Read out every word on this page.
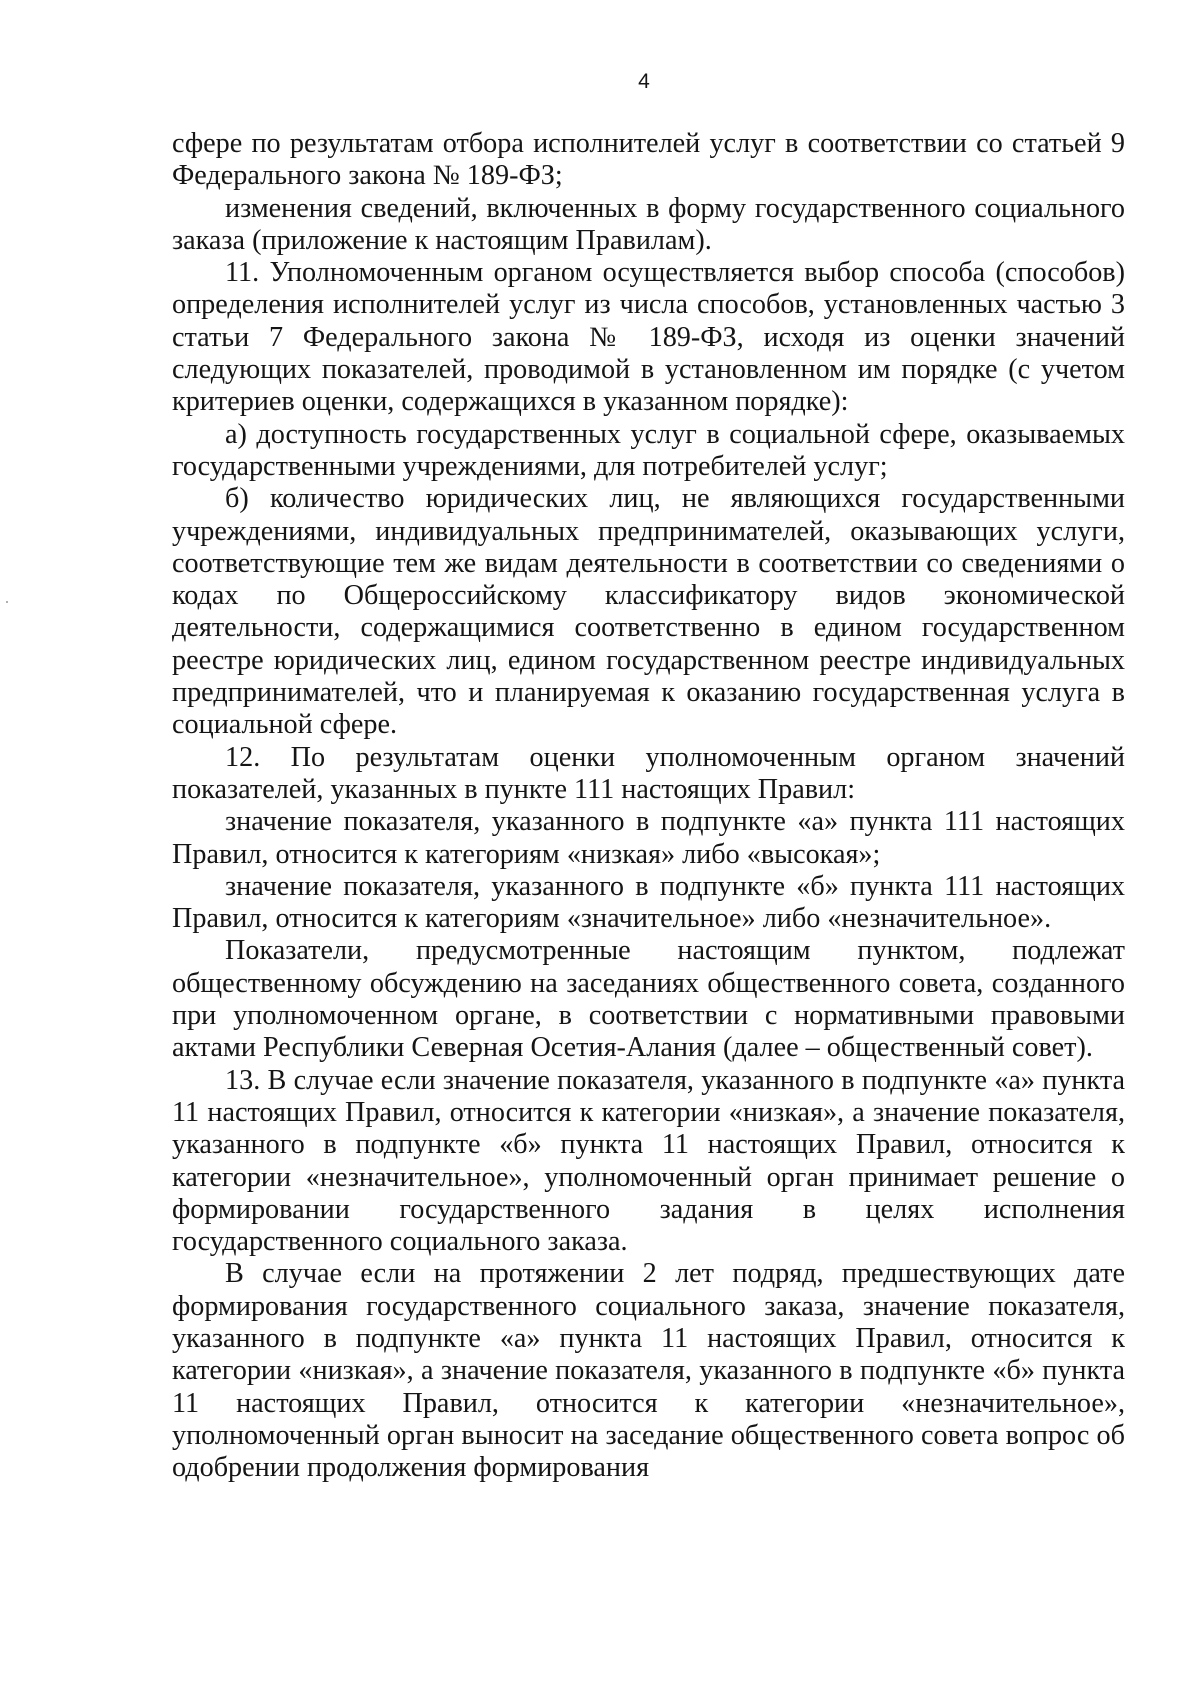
4

сфере по результатам отбора исполнителей услуг в соответствии со статьей 9 Федерального закона № 189-ФЗ;

изменения сведений, включенных в форму государственного социального заказа (приложение к настоящим Правилам).

11. Уполномоченным органом осуществляется выбор способа (способов) определения исполнителей услуг из числа способов, установленных частью 3 статьи 7 Федерального закона № 189-ФЗ, исходя из оценки значений следующих показателей, проводимой в установленном им порядке (с учетом критериев оценки, содержащихся в указанном порядке):

а) доступность государственных услуг в социальной сфере, оказываемых государственными учреждениями, для потребителей услуг;

б) количество юридических лиц, не являющихся государственными учреждениями, индивидуальных предпринимателей, оказывающих услуги, соответствующие тем же видам деятельности в соответствии со сведениями о кодах по Общероссийскому классификатору видов экономической деятельности, содержащимися соответственно в едином государственном реестре юридических лиц, едином государственном реестре индивидуальных предпринимателей, что и планируемая к оказанию государственная услуга в социальной сфере.

12. По результатам оценки уполномоченным органом значений показателей, указанных в пункте 111 настоящих Правил:

значение показателя, указанного в подпункте «а» пункта 111 настоящих Правил, относится к категориям «низкая» либо «высокая»;

значение показателя, указанного в подпункте «б» пункта 111 настоящих Правил, относится к категориям «значительное» либо «незначительное».

Показатели, предусмотренные настоящим пунктом, подлежат общественному обсуждению на заседаниях общественного совета, созданного при уполномоченном органе, в соответствии с нормативными правовыми актами Республики Северная Осетия-Алания (далее – общественный совет).

13. В случае если значение показателя, указанного в подпункте «а» пункта 11 настоящих Правил, относится к категории «низкая», а значение показателя, указанного в подпункте «б» пункта 11 настоящих Правил, относится к категории «незначительное», уполномоченный орган принимает решение о формировании государственного задания в целях исполнения государственного социального заказа.

В случае если на протяжении 2 лет подряд, предшествующих дате формирования государственного социального заказа, значение показателя, указанного в подпункте «а» пункта 11 настоящих Правил, относится к категории «низкая», а значение показателя, указанного в подпункте «б» пункта 11 настоящих Правил, относится к категории «незначительное», уполномоченный орган выносит на заседание общественного совета вопрос об одобрении продолжения формирования
